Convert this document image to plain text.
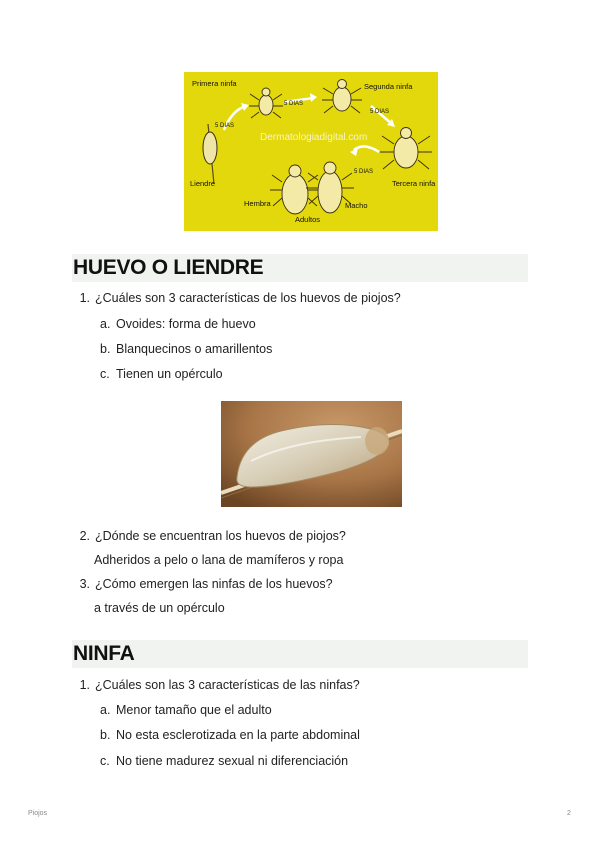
Primera ninfa	Segunda ninfa
Tercera ninfa
Liendre
Hembra	Macho
Adultos
5 DIAS
5 DIAS
5 DIAS
5 DIAS
Dermatologiadigital.com
HUEVO O LIENDRE
1. ¿Cuáles son 3 características de los huevos de piojos?
a. Ovoides: forma de huevo
b. Blanquecinos o amarillentos
c. Tienen un opérculo
2. ¿Dónde se encuentran los huevos de piojos?
Adheridos a pelo o lana de mamíferos y ropa
3. ¿Cómo emergen las ninfas de los huevos?
a través de un opérculo
NINFA
1. ¿Cuáles son las 3 características de las ninfas?
a. Menor tamaño que el adulto
b. No esta esclerotizada en la parte abdominal
c. No tiene madurez sexual ni diferenciación
Piojos	2
